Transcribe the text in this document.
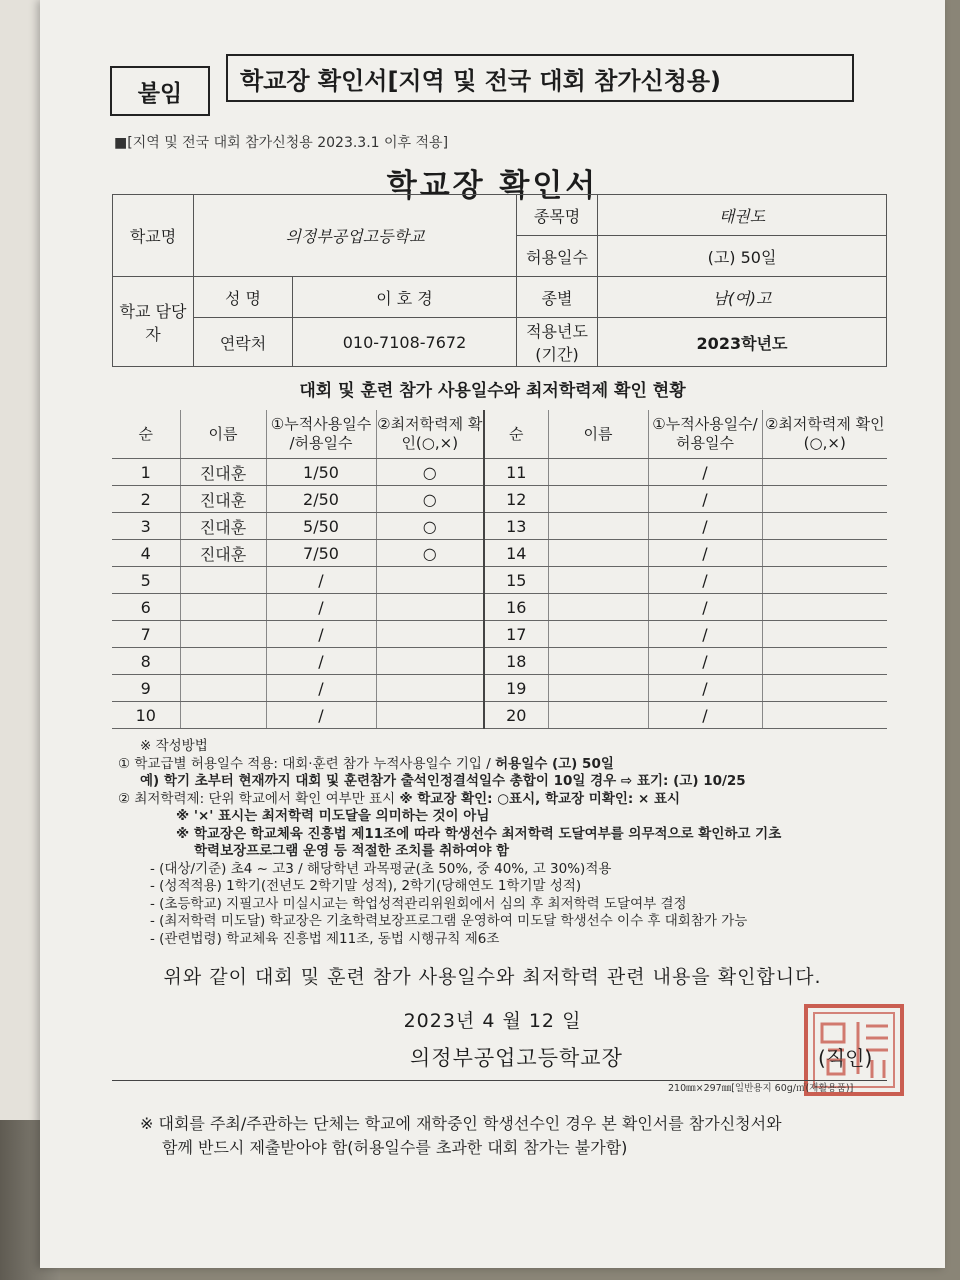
붙임	학교장 확인서[지역 및 전국 대회 참가신청용)
■[지역 및 전국 대회 참가신청용 2023.3.1 이후 적용]
학교장 확인서
학교명	의정부공업고등학교		종목명	태권도
			허용일수	(고) 50일
학교 담당자	성 명	이 호 경	종별	남(여)고
	연락처	010-7108-7672	적용년도 (기간)	2023학년도
대회 및 훈련 참가 사용일수와 최저학력제 확인 현황
순	이름	①누적사용일수 /허용일수	②최저학력제 확인(○,×)	순	이름	①누적사용일수/ 허용일수	②최저학력제 확인(○,×)
1	진대훈	1/50	○	11		/	
2	진대훈	2/50	○	12		/	
3	진대훈	5/50	○	13		/	
4	진대훈	7/50	○	14		/	
5		/		15		/	
6		/		16		/	
7		/		17		/	
8		/		18		/	
9		/		19		/	
10		/		20		/	
※ 작성방법
① 학교급별 허용일수 적용: 대회·훈련 참가 누적사용일수 기입 / 허용일수 (고) 50일
예) 학기 초부터 현재까지 대회 및 훈련참가 출석인정결석일수 총합이 10일 경우 ⇨ 표기: (고) 10/25
② 최저학력제: 단위 학교에서 확인 여부만 표시 ※ 학교장 확인: ○표시, 학교장 미확인: × 표시
※ '×' 표시는 최저학력 미도달을 의미하는 것이 아님
※ 학교장은 학교체육 진흥법 제11조에 따라 학생선수 최저학력 도달여부를 의무적으로 확인하고 기초
학력보장프로그램 운영 등 적절한 조치를 취하여야 함
- (대상/기준) 초4 ~ 고3 / 해당학년 과목평균(초 50%, 중 40%, 고 30%)적용
- (성적적용) 1학기(전년도 2학기말 성적), 2학기(당해연도 1학기말 성적)
- (초등학교) 지필고사 미실시교는 학업성적관리위원회에서 심의 후 최저학력 도달여부 결정
- (최저학력 미도달) 학교장은 기초학력보장프로그램 운영하여 미도달 학생선수 이수 후 대회참가 가능
- (관련법령) 학교체육 진흥법 제11조, 동법 시행규칙 제6조
위와 같이 대회 및 훈련 참가 사용일수와 최저학력 관련 내용을 확인합니다.
2023년 4 월 12 일
의정부공업고등학교장	(직인)
210㎜×297㎜[일반용지 60g/㎡(재활용품)]
※ 대회를 주최/주관하는 단체는 학교에 재학중인 학생선수인 경우 본 확인서를 참가신청서와
함께 반드시 제출받아야 함(허용일수를 초과한 대회 참가는 불가함)
